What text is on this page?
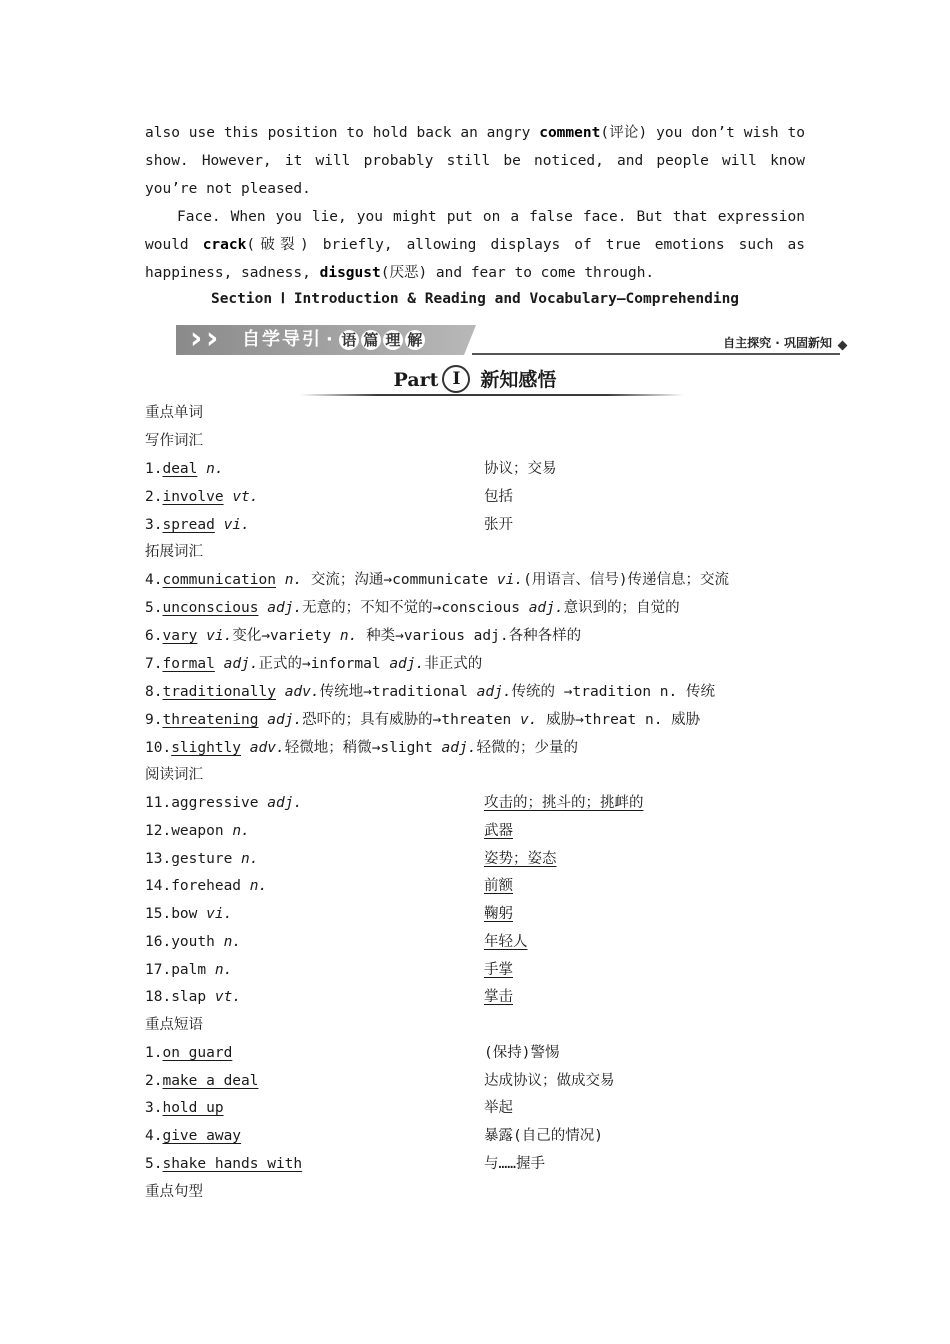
also use this position to hold back an angry comment(评论) you don’t wish to show. However, it will probably still be noticed, and people will know you’re not pleased.
Face. When you lie, you might put on a false face. But that expression would crack(破裂) briefly, allowing displays of true emotions such as happiness, sadness, disgust(厌恶) and fear to come through.
Section Ⅰ Introduction & Reading and Vocabulary—Comprehending
› ›	自学导引 · 语 篇 理 解	自主探究 · 巩固新知
Part Ⅰ 新知感悟
重点单词
写作词汇
1.deal n.	协议；交易
2.involve vt.	包括
3.spread vi.	张开
拓展词汇
4.communication n. 交流；沟通→communicate vi.(用语言、信号)传递信息；交流
5.unconscious adj.无意的；不知不觉的→conscious adj.意识到的；自觉的
6.vary vi.变化→variety n. 种类→various adj.各种各样的
7.formal adj.正式的→informal adj.非正式的
8.traditionally adv.传统地→traditional adj.传统的 →tradition n. 传统
9.threatening adj.恐吓的；具有威胁的→threaten v. 威胁→threat n. 威胁
10.slightly adv.轻微地；稍微→slight adj.轻微的；少量的
阅读词汇
11.aggressive adj.	攻击的；挑斗的；挑衅的
12.weapon n.	武器
13.gesture n.	姿势；姿态
14.forehead n.	前额
15.bow vi.	鞠躬
16.youth n.	年轻人
17.palm n.	手掌
18.slap vt.	掌击
重点短语
1.on guard	(保持)警惕
2.make a deal	达成协议；做成交易
3.hold up	举起
4.give away	暴露(自己的情况)
5.shake hands with	与……握手
重点句型
